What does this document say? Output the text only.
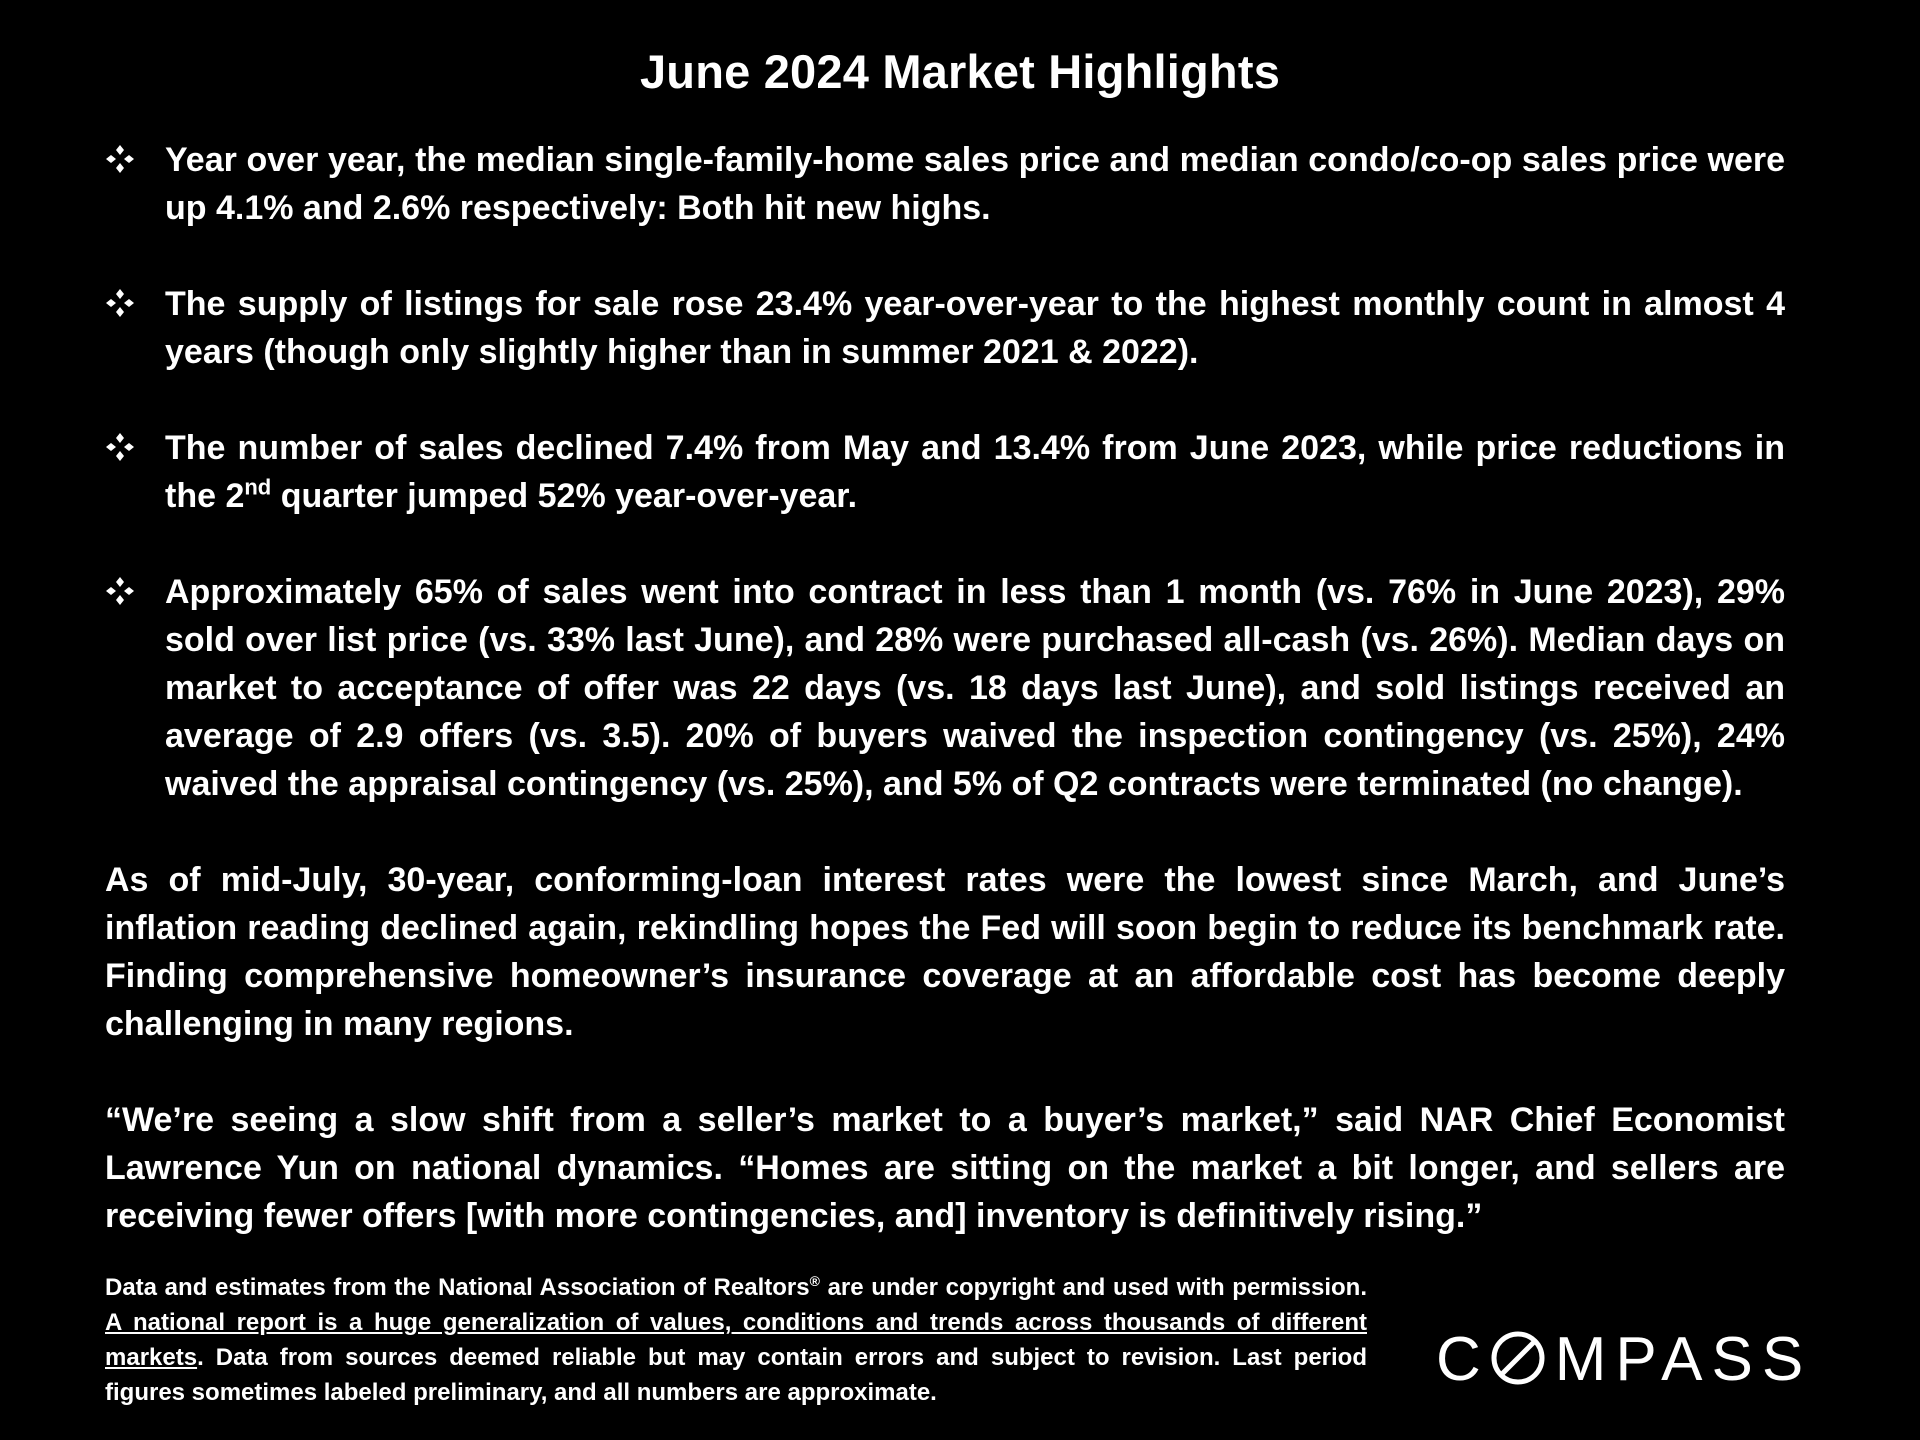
June 2024 Market Highlights
Year over year, the median single-family-home sales price and median condo/co-op sales price were up 4.1% and 2.6% respectively: Both hit new highs.
The supply of listings for sale rose 23.4% year-over-year to the highest monthly count in almost 4 years (though only slightly higher than in summer 2021 & 2022).
The number of sales declined 7.4% from May and 13.4% from June 2023, while price reductions in the 2nd quarter jumped 52% year-over-year.
Approximately 65% of sales went into contract in less than 1 month (vs. 76% in June 2023), 29% sold over list price (vs. 33% last June), and 28% were purchased all-cash (vs. 26%). Median days on market to acceptance of offer was 22 days (vs. 18 days last June), and sold listings received an average of 2.9 offers (vs. 3.5). 20% of buyers waived the inspection contingency (vs. 25%), 24% waived the appraisal contingency (vs. 25%), and 5% of Q2 contracts were terminated (no change).
As of mid-July, 30-year, conforming-loan interest rates were the lowest since March, and June’s inflation reading declined again, rekindling hopes the Fed will soon begin to reduce its benchmark rate. Finding comprehensive homeowner’s insurance coverage at an affordable cost has become deeply challenging in many regions.
“We’re seeing a slow shift from a seller’s market to a buyer’s market,” said NAR Chief Economist Lawrence Yun on national dynamics. “Homes are sitting on the market a bit longer, and sellers are receiving fewer offers [with more contingencies, and] inventory is definitively rising.”
Data and estimates from the National Association of Realtors® are under copyright and used with permission. A national report is a huge generalization of values, conditions and trends across thousands of different markets. Data from sources deemed reliable but may contain errors and subject to revision. Last period figures sometimes labeled preliminary, and all numbers are approximate.	C MPASS
